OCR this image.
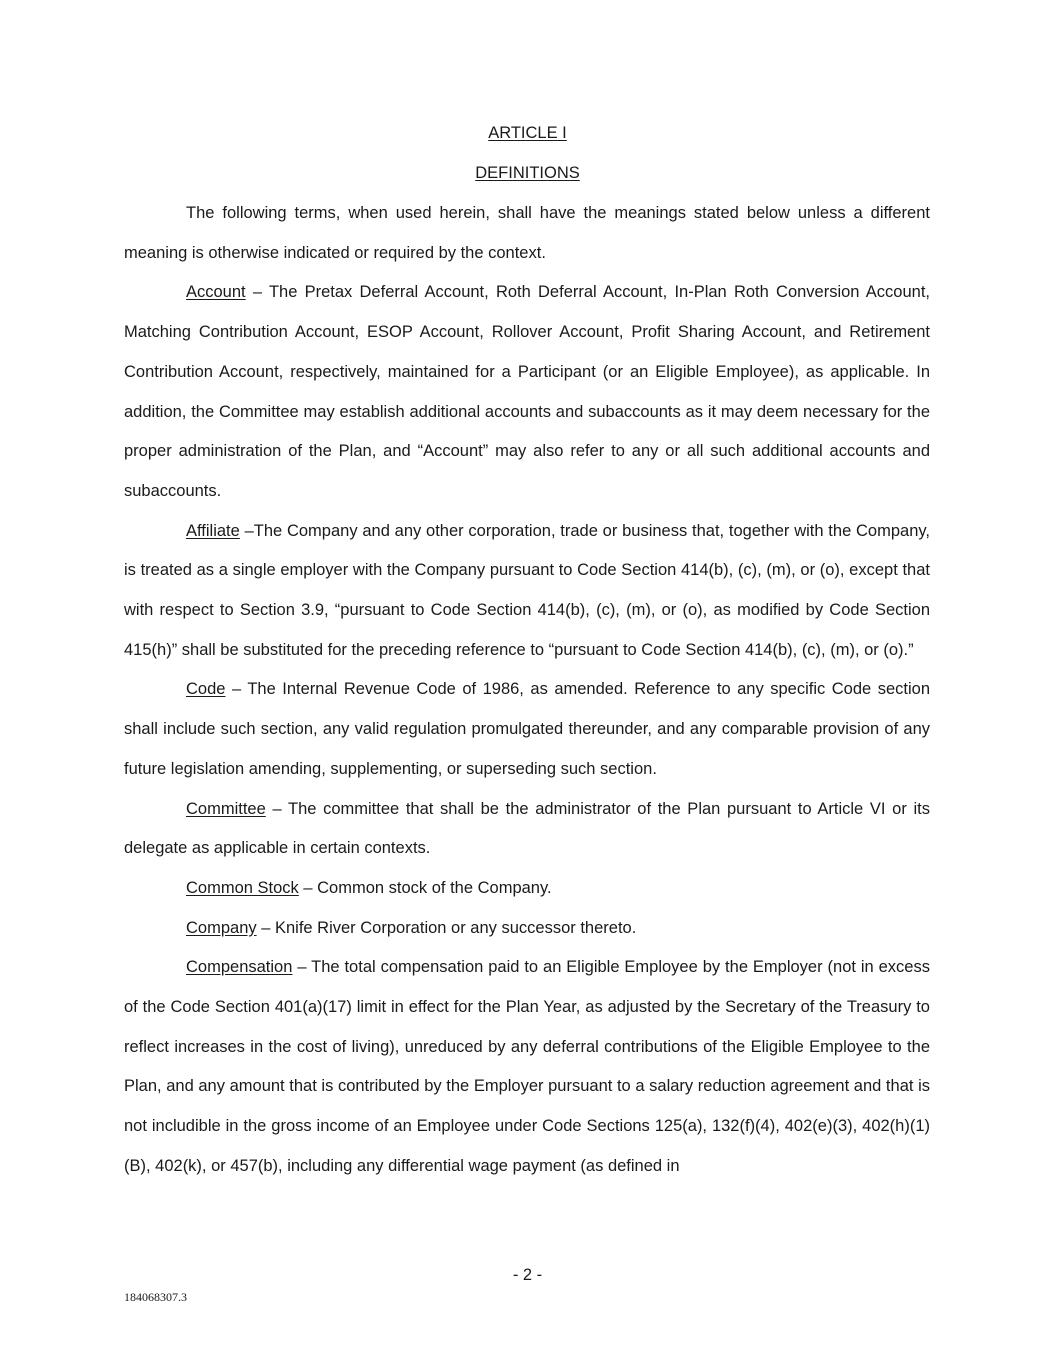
ARTICLE I
DEFINITIONS

The following terms, when used herein, shall have the meanings stated below unless a different meaning is otherwise indicated or required by the context.

Account – The Pretax Deferral Account, Roth Deferral Account, In-Plan Roth Conversion Account, Matching Contribution Account, ESOP Account, Rollover Account, Profit Sharing Account, and Retirement Contribution Account, respectively, maintained for a Participant (or an Eligible Employee), as applicable. In addition, the Committee may establish additional accounts and subaccounts as it may deem necessary for the proper administration of the Plan, and “Account” may also refer to any or all such additional accounts and subaccounts.

Affiliate –The Company and any other corporation, trade or business that, together with the Company, is treated as a single employer with the Company pursuant to Code Section 414(b), (c), (m), or (o), except that with respect to Section 3.9, “pursuant to Code Section 414(b), (c), (m), or (o), as modified by Code Section 415(h)” shall be substituted for the preceding reference to “pursuant to Code Section 414(b), (c), (m), or (o).”

Code – The Internal Revenue Code of 1986, as amended. Reference to any specific Code section shall include such section, any valid regulation promulgated thereunder, and any comparable provision of any future legislation amending, supplementing, or superseding such section.

Committee – The committee that shall be the administrator of the Plan pursuant to Article VI or its delegate as applicable in certain contexts.

Common Stock – Common stock of the Company.

Company – Knife River Corporation or any successor thereto.

Compensation – The total compensation paid to an Eligible Employee by the Employer (not in excess of the Code Section 401(a)(17) limit in effect for the Plan Year, as adjusted by the Secretary of the Treasury to reflect increases in the cost of living), unreduced by any deferral contributions of the Eligible Employee to the Plan, and any amount that is contributed by the Employer pursuant to a salary reduction agreement and that is not includible in the gross income of an Employee under Code Sections 125(a), 132(f)(4), 402(e)(3), 402(h)(1)(B), 402(k), or 457(b), including any differential wage payment (as defined in

- 2 -
184068307.3
